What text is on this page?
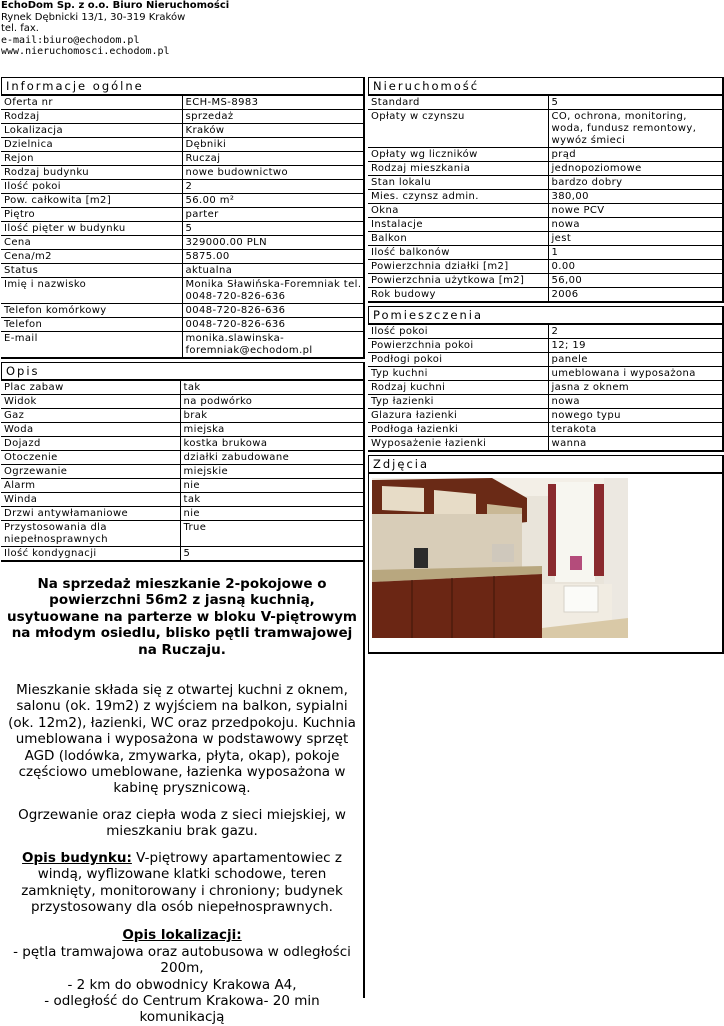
EchoDom Sp. z o.o. Biuro Nieruchomości
Rynek Dębnicki 13/1, 30-319 Kraków
tel. fax.
e-mail:biuro@echodom.pl
www.nieruchomosci.echodom.pl
Informacje ogólne
Oferta nr	ECH-MS-8983
Rodzaj	sprzedaż
Lokalizacja	Kraków
Dzielnica	Dębniki
Rejon	Ruczaj
Rodzaj budynku	nowe budownictwo
Ilość pokoi	2
Pow. całkowita [m2]	56.00 m²
Piętro	parter
Ilość pięter w budynku	5
Cena	329000.00 PLN
Cena/m2	5875.00
Status	aktualna
Imię i nazwisko	Monika Sławińska-Foremniak tel. 0048-720-826-636
Telefon komórkowy	0048-720-826-636
Telefon	0048-720-826-636
E-mail	monika.slawinska-foremniak@echodom.pl
Opis
Plac zabaw	tak
Widok	na podwórko
Gaz	brak
Woda	miejska
Dojazd	kostka brukowa
Otoczenie	działki zabudowane
Ogrzewanie	miejskie
Alarm	nie
Winda	tak
Drzwi antywłamaniowe	nie
Przystosowania dla niepełnosprawnych	True
Ilość kondygnacji	5

Na sprzedaż mieszkanie 2-pokojowe o powierzchni 56m2 z jasną kuchnią, usytuowane na parterze w bloku V-piętrowym na młodym osiedlu, blisko pętli tramwajowej na Ruczaju.

Mieszkanie składa się z otwartej kuchni z oknem, salonu (ok. 19m2) z wyjściem na balkon, sypialni (ok. 12m2), łazienki, WC oraz przedpokoju. Kuchnia umeblowana i wyposażona w podstawowy sprzęt AGD (lodówka, zmywarka, płyta, okap), pokoje częściowo umeblowane, łazienka wyposażona w kabinę prysznicową.

Ogrzewanie oraz ciepła woda z sieci miejskiej, w mieszkaniu brak gazu.

Opis budynku: V-piętrowy apartamentowiec z windą, wyflizowane klatki schodowe, teren zamknięty, monitorowany i chroniony; budynek przystosowany dla osób niepełnosprawnych.

Opis lokalizacji:
- pętla tramwajowa oraz autobusowa w odległości 200m,
- 2 km do obwodnicy Krakowa A4,
- odległość do Centrum Krakowa- 20 min komunikacją

Nieruchomość
Standard	5
Opłaty w czynszu	CO, ochrona, monitoring, woda, fundusz remontowy, wywóz śmieci
Opłaty wg liczników	prąd
Rodzaj mieszkania	jednopoziomowe
Stan lokalu	bardzo dobry
Mies. czynsz admin.	380,00
Okna	nowe PCV
Instalacje	nowa
Balkon	jest
Ilość balkonów	1
Powierzchnia działki [m2]	0.00
Powierzchnia użytkowa [m2]	56,00
Rok budowy	2006
Pomieszczenia
Ilość pokoi	2
Powierzchnia pokoi	12; 19
Podłogi pokoi	panele
Typ kuchni	umeblowana i wyposażona
Rodzaj kuchni	jasna z oknem
Typ łazienki	nowa
Glazura łazienki	nowego typu
Podłoga łazienki	terakota
Wyposażenie łazienki	wanna
Zdjęcia
